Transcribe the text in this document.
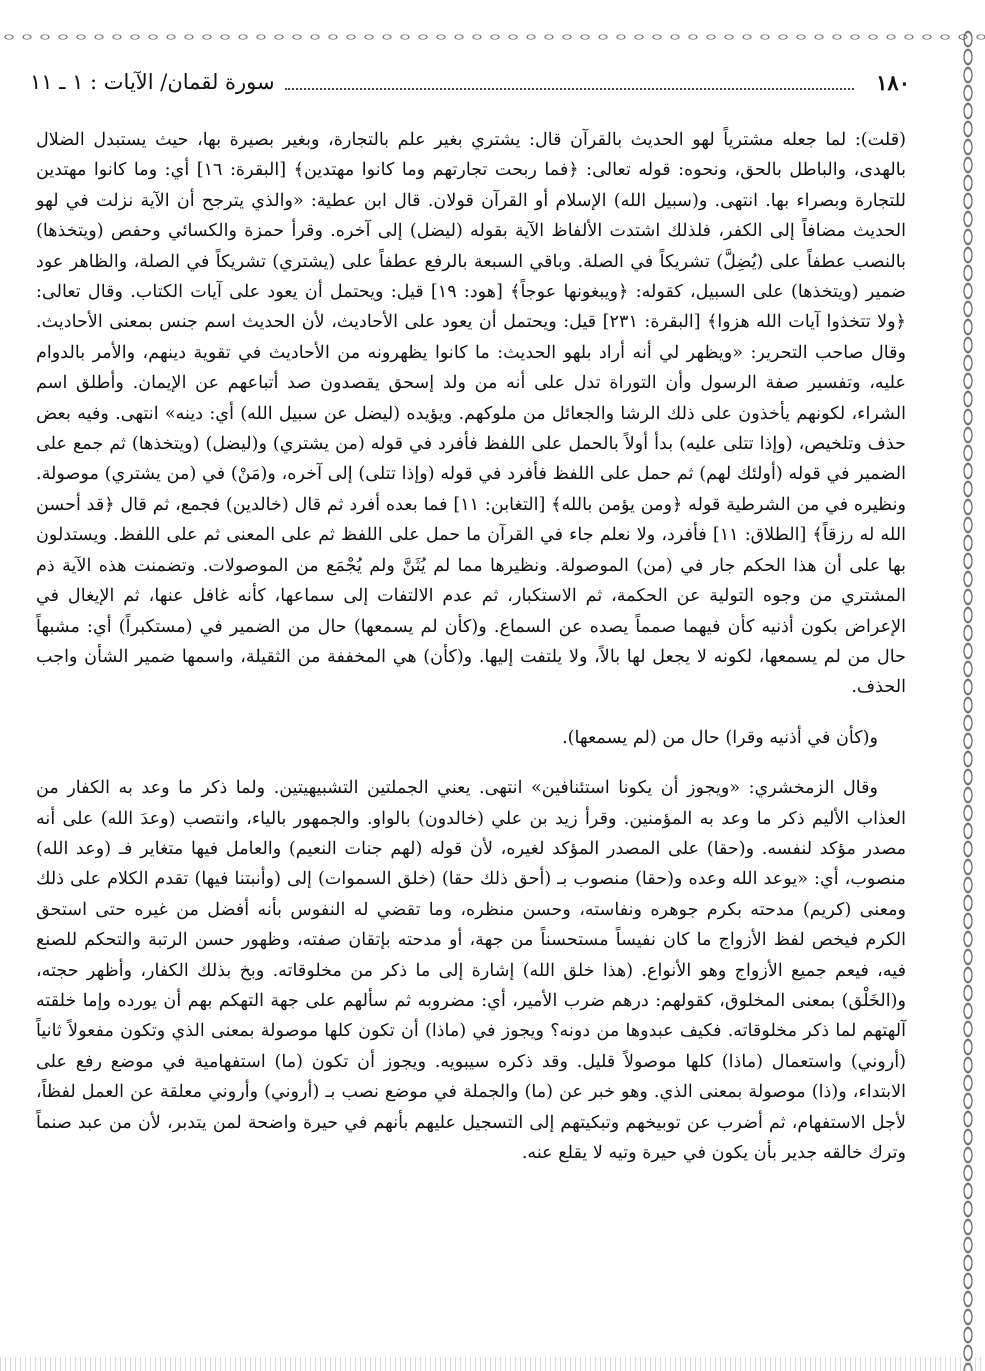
١٨٠
سورة لقمان/ الآيات : ١ ـ ١١

(قلت): لما جعله مشترياً لهو الحديث بالقرآن قال: يشتري بغير علم بالتجارة، وبغير بصيرة بها، حيث يستبدل الضلال بالهدى، والباطل بالحق، ونحوه: قوله تعالى: ﴿فما ربحت تجارتهم وما كانوا مهتدين﴾ [البقرة: ١٦] أي: وما كانوا مهتدين للتجارة وبصراء بها. انتهى. و(سبيل الله) الإسلام أو القرآن قولان. قال ابن عطية: «والذي يترجح أن الآية نزلت في لهو الحديث مضافاً إلى الكفر، فلذلك اشتدت الألفاظ الآية بقوله (ليضل) إلى آخره. وقرأ حمزة والكسائي وحفص (ويتخذها) بالنصب عطفاً على (يُضِلَّ) تشريكاً في الصلة. وباقي السبعة بالرفع عطفاً على (يشتري) تشريكاً في الصلة، والظاهر عود ضمير (ويتخذها) على السبيل، كقوله: ﴿ويبغونها عوجاً﴾ [هود: ١٩] قيل: ويحتمل أن يعود على آيات الكتاب. وقال تعالى: ﴿ولا تتخذوا آيات الله هزوا﴾ [البقرة: ٢٣١] قيل: ويحتمل أن يعود على الأحاديث، لأن الحديث اسم جنس بمعنى الأحاديث. وقال صاحب التحرير: «ويظهر لي أنه أراد بلهو الحديث: ما كانوا يظهرونه من الأحاديث في تقوية دينهم، والأمر بالدوام عليه، وتفسير صفة الرسول وأن التوراة تدل على أنه من ولد إسحق يقصدون صد أتباعهم عن الإيمان. وأطلق اسم الشراء، لكونهم يأخذون على ذلك الرشا والجعائل من ملوكهم. ويؤيده (ليضل عن سبيل الله) أي: دينه» انتهى. وفيه بعض حذف وتلخيص، (وإذا تتلى عليه) بدأ أولاً بالحمل على اللفظ فأفرد في قوله (من يشتري) و(ليضل) (ويتخذها) ثم جمع على الضمير في قوله (أولئك لهم) ثم حمل على اللفظ فأفرد في قوله (وإذا تتلى) إلى آخره، و(مَنْ) في (من يشتري) موصولة. ونظيره في من الشرطية قوله ﴿ومن يؤمن بالله﴾ [التغابن: ١١] فما بعده أفرد ثم قال (خالدين) فجمع، ثم قال ﴿قد أحسن الله له رزقاً﴾ [الطلاق: ١١] فأفرد، ولا نعلم جاء في القرآن ما حمل على اللفظ ثم على المعنى ثم على اللفظ. ويستدلون بها على أن هذا الحكم جار في (من) الموصولة. ونظيرها مما لم يُثَنَّ ولم يُجْمَع من الموصولات. وتضمنت هذه الآية ذم المشتري من وجوه التولية عن الحكمة، ثم الاستكبار، ثم عدم الالتفات إلى سماعها، كأنه غافل عنها، ثم الإيغال في الإعراض بكون أذنيه كأن فيهما صمماً يصده عن السماع. و(كأن لم يسمعها) حال من الضمير في (مستكبراً) أي: مشبهاً حال من لم يسمعها، لكونه لا يجعل لها بالاً، ولا يلتفت إليها. و(كأن) هي المخففة من الثقيلة، واسمها ضمير الشأن واجب الحذف.

و(كأن في أذنيه وقرا) حال من (لم يسمعها).

وقال الزمخشري: «ويجوز أن يكونا استئنافين» انتهى. يعني الجملتين التشبيهيتين. ولما ذكر ما وعد به الكفار من العذاب الأليم ذكر ما وعد به المؤمنين. وقرأ زيد بن علي (خالدون) بالواو. والجمهور بالياء، وانتصب (وعدَ الله) على أنه مصدر مؤكد لنفسه. و(حقا) على المصدر المؤكد لغيره، لأن قوله (لهم جنات النعيم) والعامل فيها متغاير فـ (وعد الله) منصوب، أي: «يوعد الله وعده و(حقا) منصوب بـ (أحق ذلك حقا) (خلق السموات) إلى (وأنبتنا فيها) تقدم الكلام على ذلك ومعنى (كريم) مدحته بكرم جوهره ونفاسته، وحسن منظره، وما تقضي له النفوس بأنه أفضل من غيره حتى استحق الكرم فيخص لفظ الأزواج ما كان نفيساً مستحسناً من جهة، أو مدحته بإتقان صفته، وظهور حسن الرتبة والتحكم للصنع فيه، فيعم جميع الأزواج وهو الأنواع. (هذا خلق الله) إشارة إلى ما ذكر من مخلوقاته. وبخ بذلك الكفار، وأظهر حجته، و(الخَلْق) بمعنى المخلوق، كقولهم: درهم ضرب الأمير، أي: مضروبه ثم سألهم على جهة التهكم بهم أن يورده وإما خلقته آلهتهم لما ذكر مخلوقاته. فكيف عبدوها من دونه؟ ويجوز في (ماذا) أن تكون كلها موصولة بمعنى الذي وتكون مفعولاً ثانياً (أروني) واستعمال (ماذا) كلها موصولاً قليل. وقد ذكره سيبويه. ويجوز أن تكون (ما) استفهامية في موضع رفع على الابتداء، و(ذا) موصولة بمعنى الذي. وهو خبر عن (ما) والجملة في موضع نصب بـ (أروني) وأروني معلقة عن العمل لفظاً، لأجل الاستفهام، ثم أضرب عن توبيخهم وتبكيتهم إلى التسجيل عليهم بأنهم في حيرة واضحة لمن يتدبر، لأن من عبد صنماً وترك خالقه جدير بأن يكون في حيرة وتيه لا يقلع عنه.
